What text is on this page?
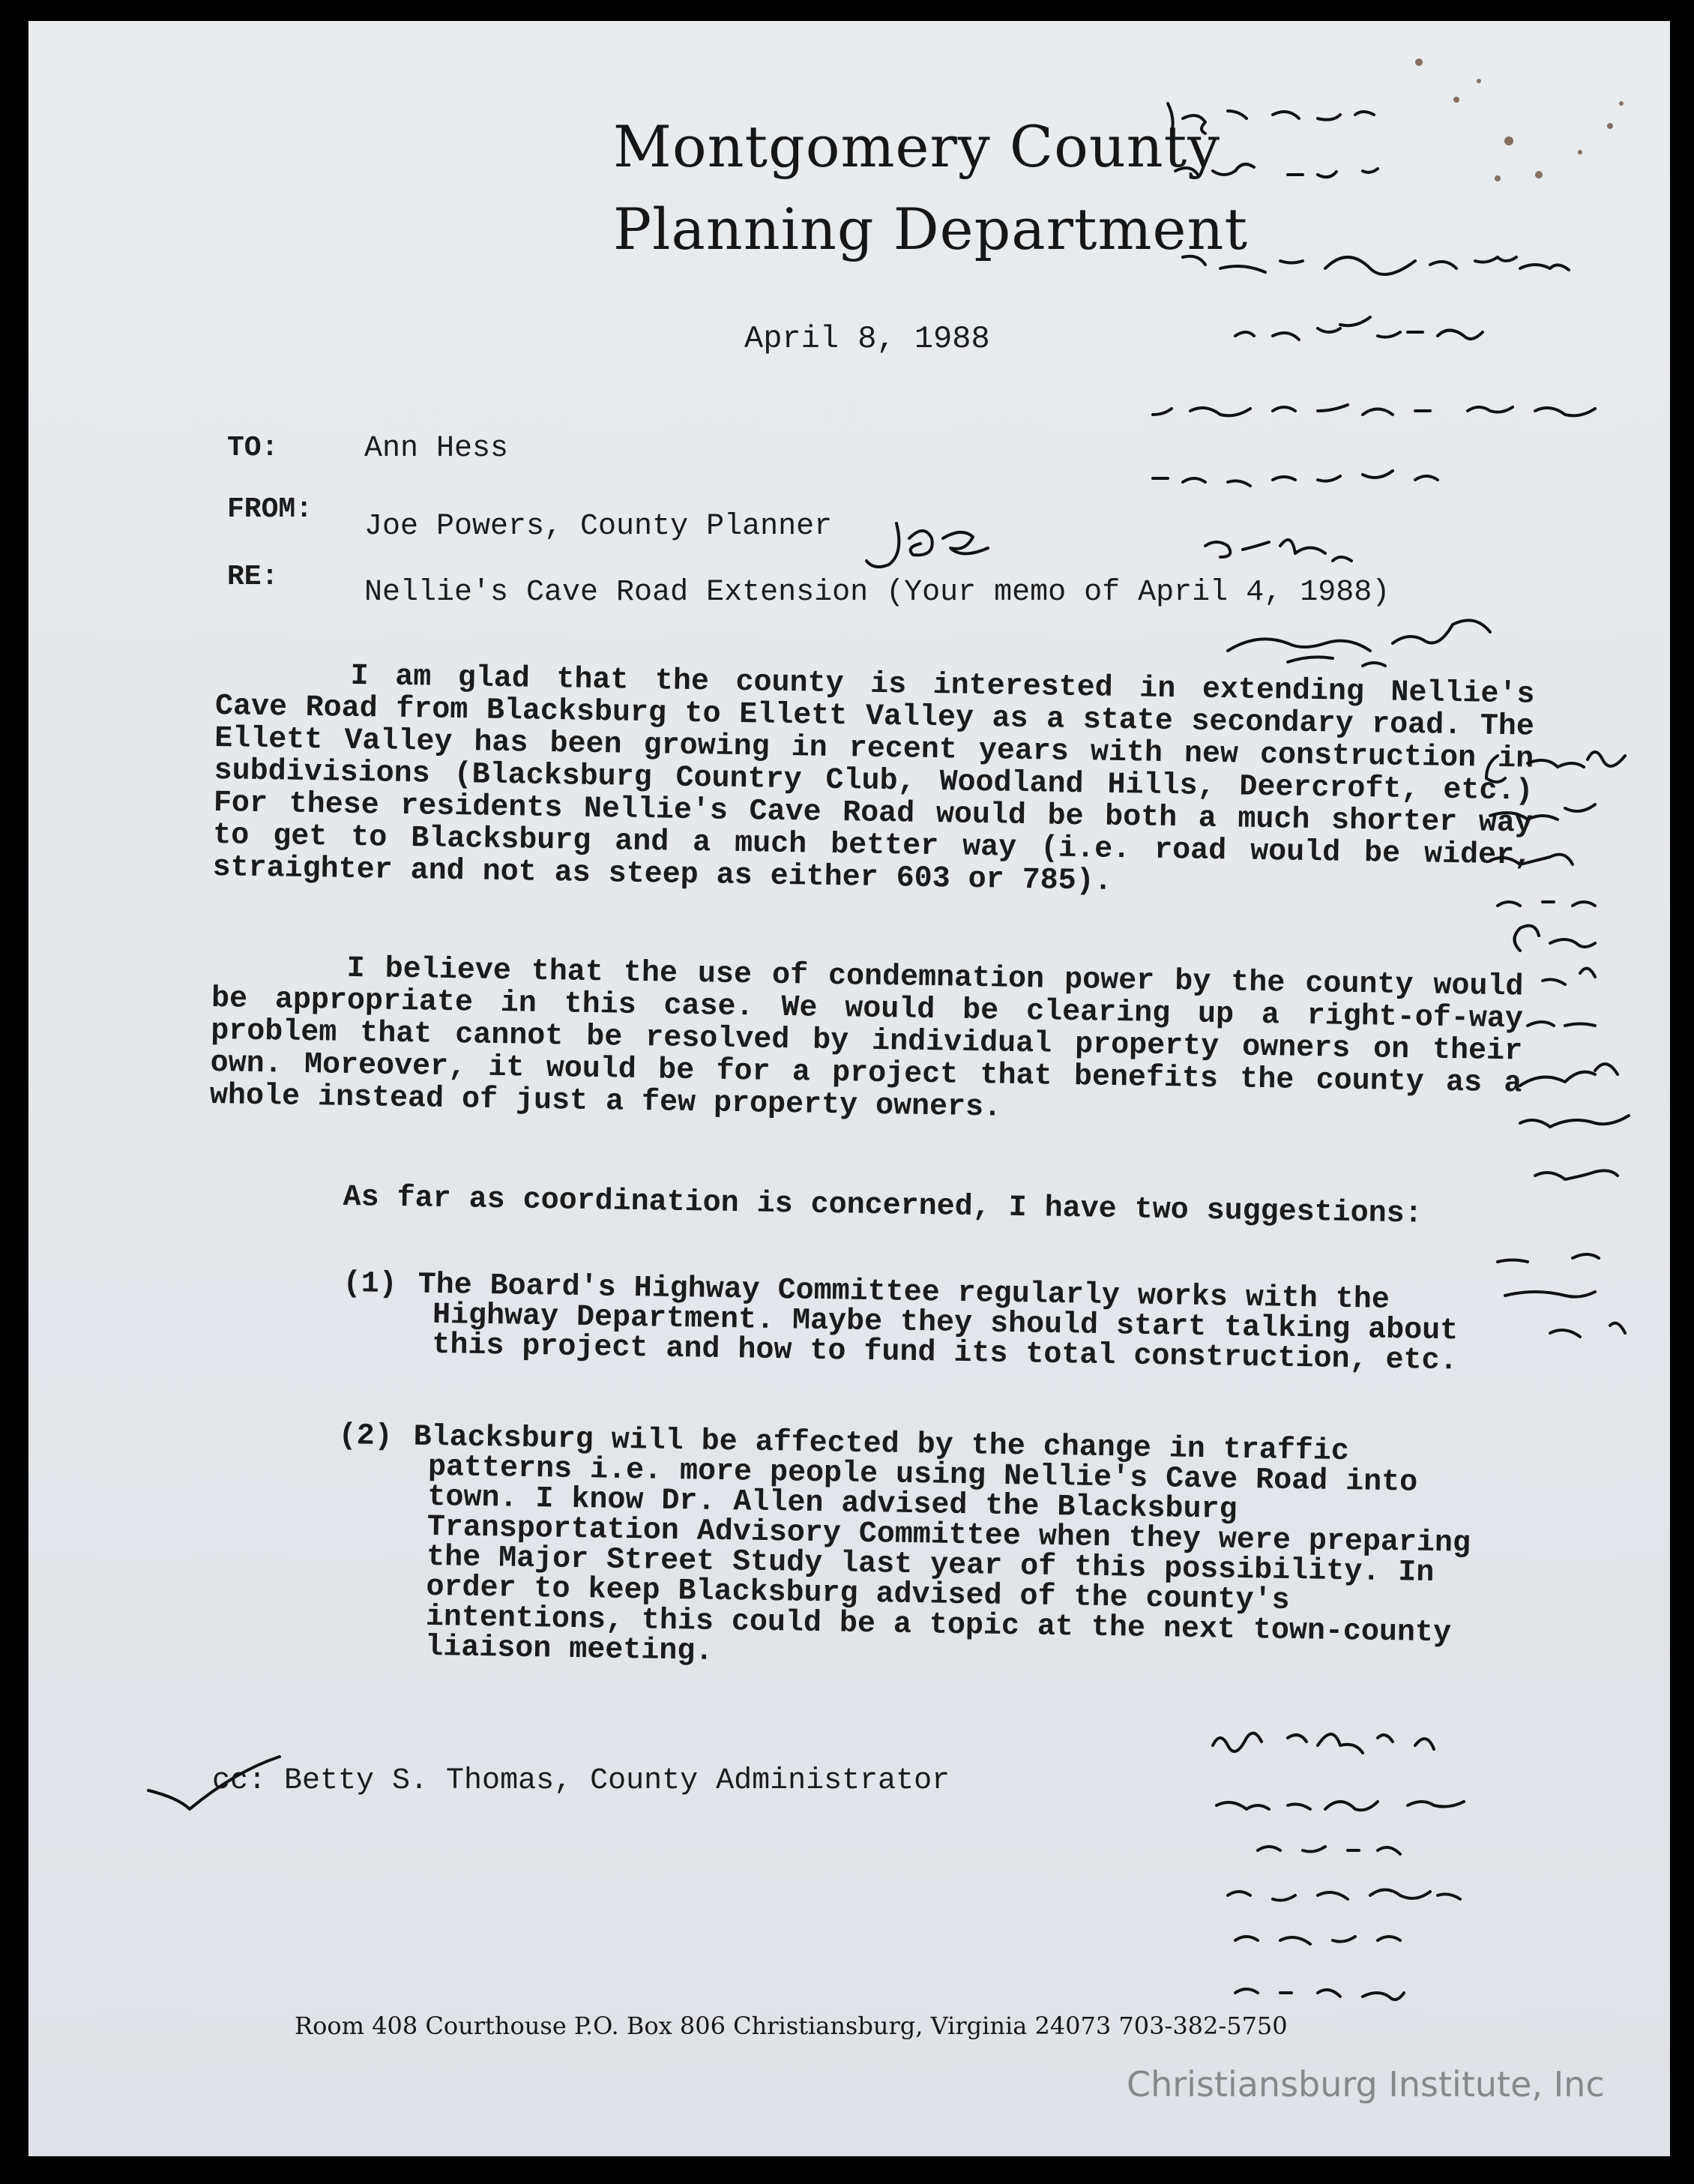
Montgomery County
Planning Department
April 8, 1988
TO:	Ann Hess
FROM:
Joe Powers, County Planner
RE:	Nellie's Cave Road Extension (Your memo of April 4, 1988)

I am glad that the county is interested in extending Nellie's Cave Road from Blacksburg to Ellett Valley as a state secondary road. The Ellett Valley has been growing in recent years with new construction in subdivisions (Blacksburg Country Club, Woodland Hills, Deercroft, etc.) For these residents Nellie's Cave Road would be both a much shorter way to get to Blacksburg and a much better way (i.e. road would be wider, straighter and not as steep as either 603 or 785).

I believe that the use of condemnation power by the county would be appropriate in this case. We would be clearing up a right-of-way problem that cannot be resolved by individual property owners on their own. Moreover, it would be for a project that benefits the county as a whole instead of just a few property owners.

As far as coordination is concerned, I have two suggestions:

(1) The Board's Highway Committee regularly works with the Highway Department. Maybe they should start talking about this project and how to fund its total construction, etc.
(2) Blacksburg will be affected by the change in traffic patterns i.e. more people using Nellie's Cave Road into town. I know Dr. Allen advised the Blacksburg Transportation Advisory Committee when they were preparing the Major Street Study last year of this possibility. In order to keep Blacksburg advised of the county's intentions, this could be a topic at the next town-county liaison meeting.
cc: Betty S. Thomas, County Administrator
Room 408 Courthouse P.O. Box 806 Christiansburg, Virginia 24073 703-382-5750
Christiansburg Institute, Inc
